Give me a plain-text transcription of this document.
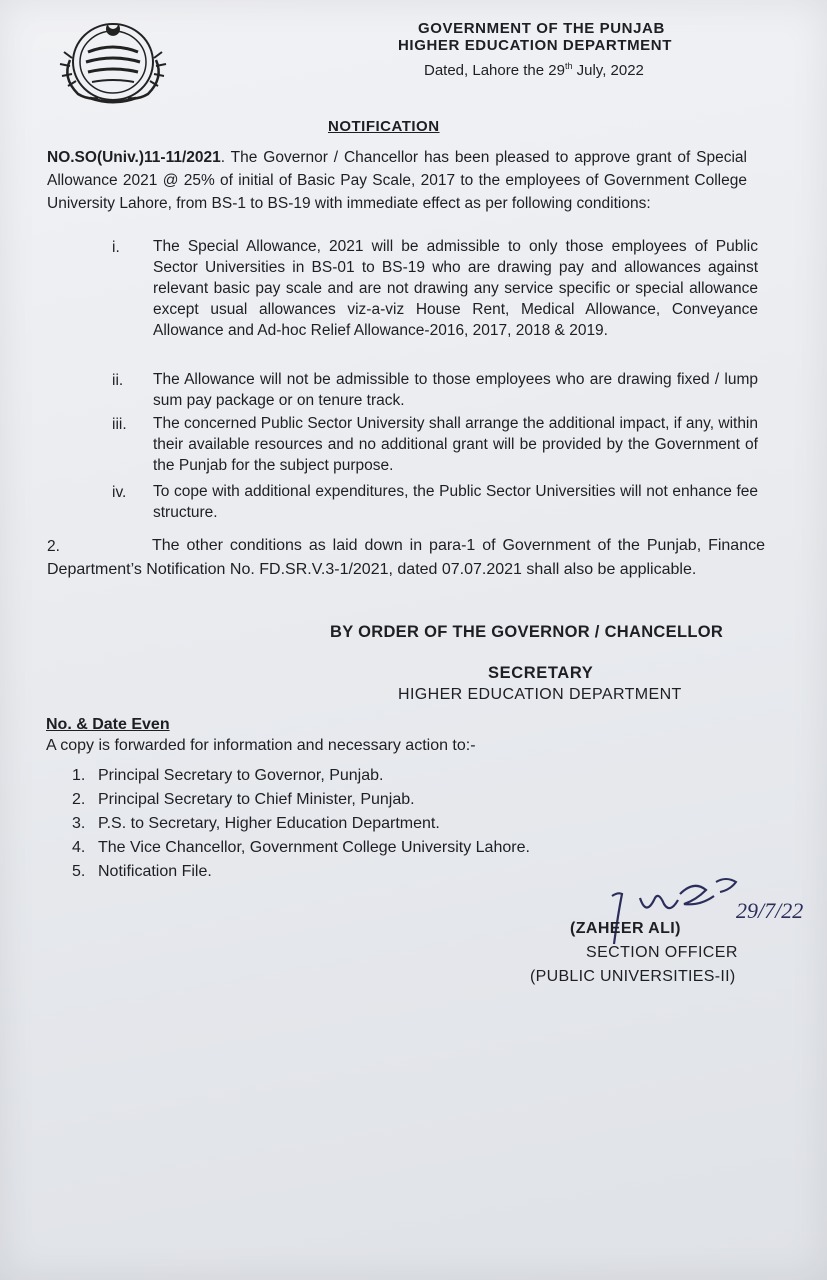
GOVERNMENT OF THE PUNJAB
HIGHER EDUCATION DEPARTMENT
Dated, Lahore the 29th July, 2022
NOTIFICATION
NO.SO(Univ.)11-11/2021. The Governor / Chancellor has been pleased to approve grant of Special Allowance 2021 @ 25% of initial of Basic Pay Scale, 2017 to the employees of Government College University Lahore, from BS-1 to BS-19 with immediate effect as per following conditions:
i.	The Special Allowance, 2021 will be admissible to only those employees of Public Sector Universities in BS-01 to BS-19 who are drawing pay and allowances against relevant basic pay scale and are not drawing any service specific or special allowance except usual allowances viz-a-viz House Rent, Medical Allowance, Conveyance Allowance and Ad-hoc Relief Allowance-2016, 2017, 2018 & 2019.
ii.	The Allowance will not be admissible to those employees who are drawing fixed / lump sum pay package or on tenure track.
iii.	The concerned Public Sector University shall arrange the additional impact, if any, within their available resources and no additional grant will be provided by the Government of the Punjab for the subject purpose.
iv.	To cope with additional expenditures, the Public Sector Universities will not enhance fee structure.
2.	The other conditions as laid down in para-1 of Government of the Punjab, Finance Department’s Notification No. FD.SR.V.3-1/2021, dated 07.07.2021 shall also be applicable.
BY ORDER OF THE GOVERNOR / CHANCELLOR
SECRETARY
HIGHER EDUCATION DEPARTMENT
No. & Date Even
A copy is forwarded for information and necessary action to:-
1. Principal Secretary to Governor, Punjab.
2. Principal Secretary to Chief Minister, Punjab.
3. P.S. to Secretary, Higher Education Department.
4. The Vice Chancellor, Government College University Lahore.
5. Notification File.
29/7/22
(ZAHEER ALI)
SECTION OFFICER
(PUBLIC UNIVERSITIES-II)
